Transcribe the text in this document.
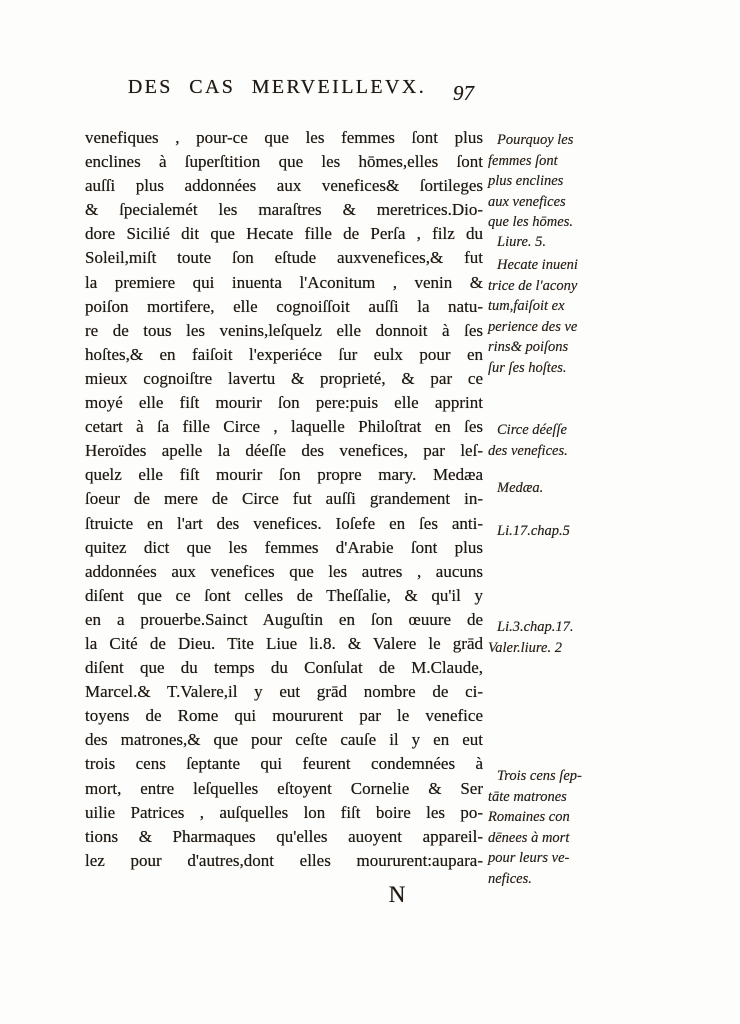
DES CAS MERVEILLEVX.	97
venefiques , pour-ce que les femmes ſont plus
enclines à ſuperſtition que les hōmes,elles ſont
auſſi plus addonnées aux venefices& ſortileges
& ſpecialemét les maraſtres & meretrices.Dio-
dore Sicilié dit que Hecate fille de Perſa , filz du
Soleil,miſt toute ſon eſtude auxvenefices,& fut
la premiere qui inuenta l'Aconitum , venin &
poiſon mortifere, elle cognoiſſoit auſſi la natu-
re de tous les venins,leſquelz elle donnoit à ſes
hoſtes,& en faiſoit l'experiéce ſur eulx pour en
mieux cognoiſtre lavertu & proprieté, & par ce
moyé elle fiſt mourir ſon pere:puis elle apprint
cetart à ſa fille Circe , laquelle Philoſtrat en ſes
Heroïdes apelle la déeſſe des venefices, par leſ-
quelz elle fiſt mourir ſon propre mary. Medæa
ſoeur de mere de Circe fut auſſi grandement in-
ſtruicte en l'art des venefices. Ioſefe en ſes anti-
quitez dict que les femmes d'Arabie ſont plus
addonnées aux venefices que les autres , aucuns
diſent que ce ſont celles de Theſſalie, & qu'il y
en a prouerbe.Sainct Auguſtin en ſon œuure de
la Cité de Dieu. Tite Liue li.8. & Valere le grād
diſent que du temps du Conſulat de M.Claude,
Marcel.& T.Valere,il y eut grād nombre de ci-
toyens de Rome qui moururent par le venefice
des matrones,& que pour ceſte cauſe il y en eut
trois cens ſeptante qui feurent condemnées à
mort, entre leſquelles eſtoyent Cornelie & Ser
uilie Patrices , auſquelles lon fiſt boire les po-
tions & Pharmaques qu'elles auoyent appareil-
lez pour d'autres,dont elles moururent:aupara-
Pourquoy les
femmes ſont
plus enclines
aux venefices
que les hōmes.
Liure. 5.
Hecate inueni
trice de l'acony
tum,faiſoit ex
perience des ve
rins& poiſons
ſur ſes hoſtes.
Circe déeſſe
des venefices.
Medæa.
Li.17.chap.5
Li.3.chap.17.
Valer.liure. 2
Trois cens ſep-
tāte matrones
Romaines con
dēnees à mort
pour leurs ve-
nefices.
N
